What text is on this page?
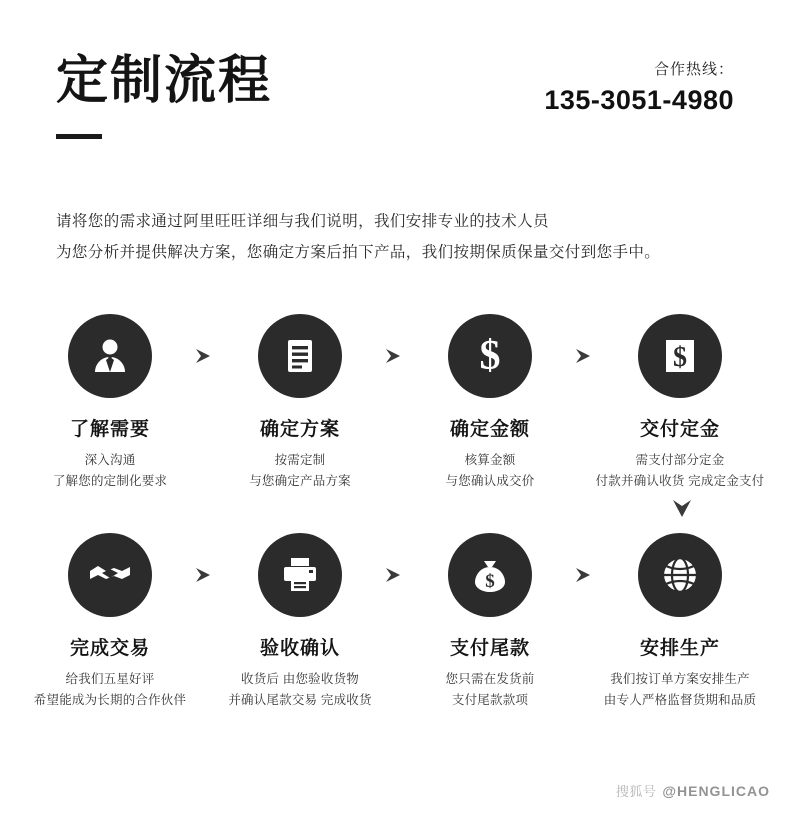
定制流程	合作热线：
135-3051-4980
请将您的需求通过阿里旺旺详细与我们说明，我们安排专业的技术人员
为您分析并提供解决方案，您确定方案后拍下产品，我们按期保质保量交付到您手中。
了解需要
深入沟通
了解您的定制化要求
确定方案
按需定制
与您确定产品方案
$
确定金额
核算金额
与您确认成交价
$
交付定金
需支付部分定金
付款并确认收货 完成定金支付
完成交易
给我们五星好评
希望能成为长期的合作伙伴
验收确认
收货后 由您验收货物
并确认尾款交易 完成收货
$
支付尾款
您只需在发货前
支付尾款款项
安排生产
我们按订单方案安排生产
由专人严格监督货期和品质
搜狐号 @HENGLICAO
